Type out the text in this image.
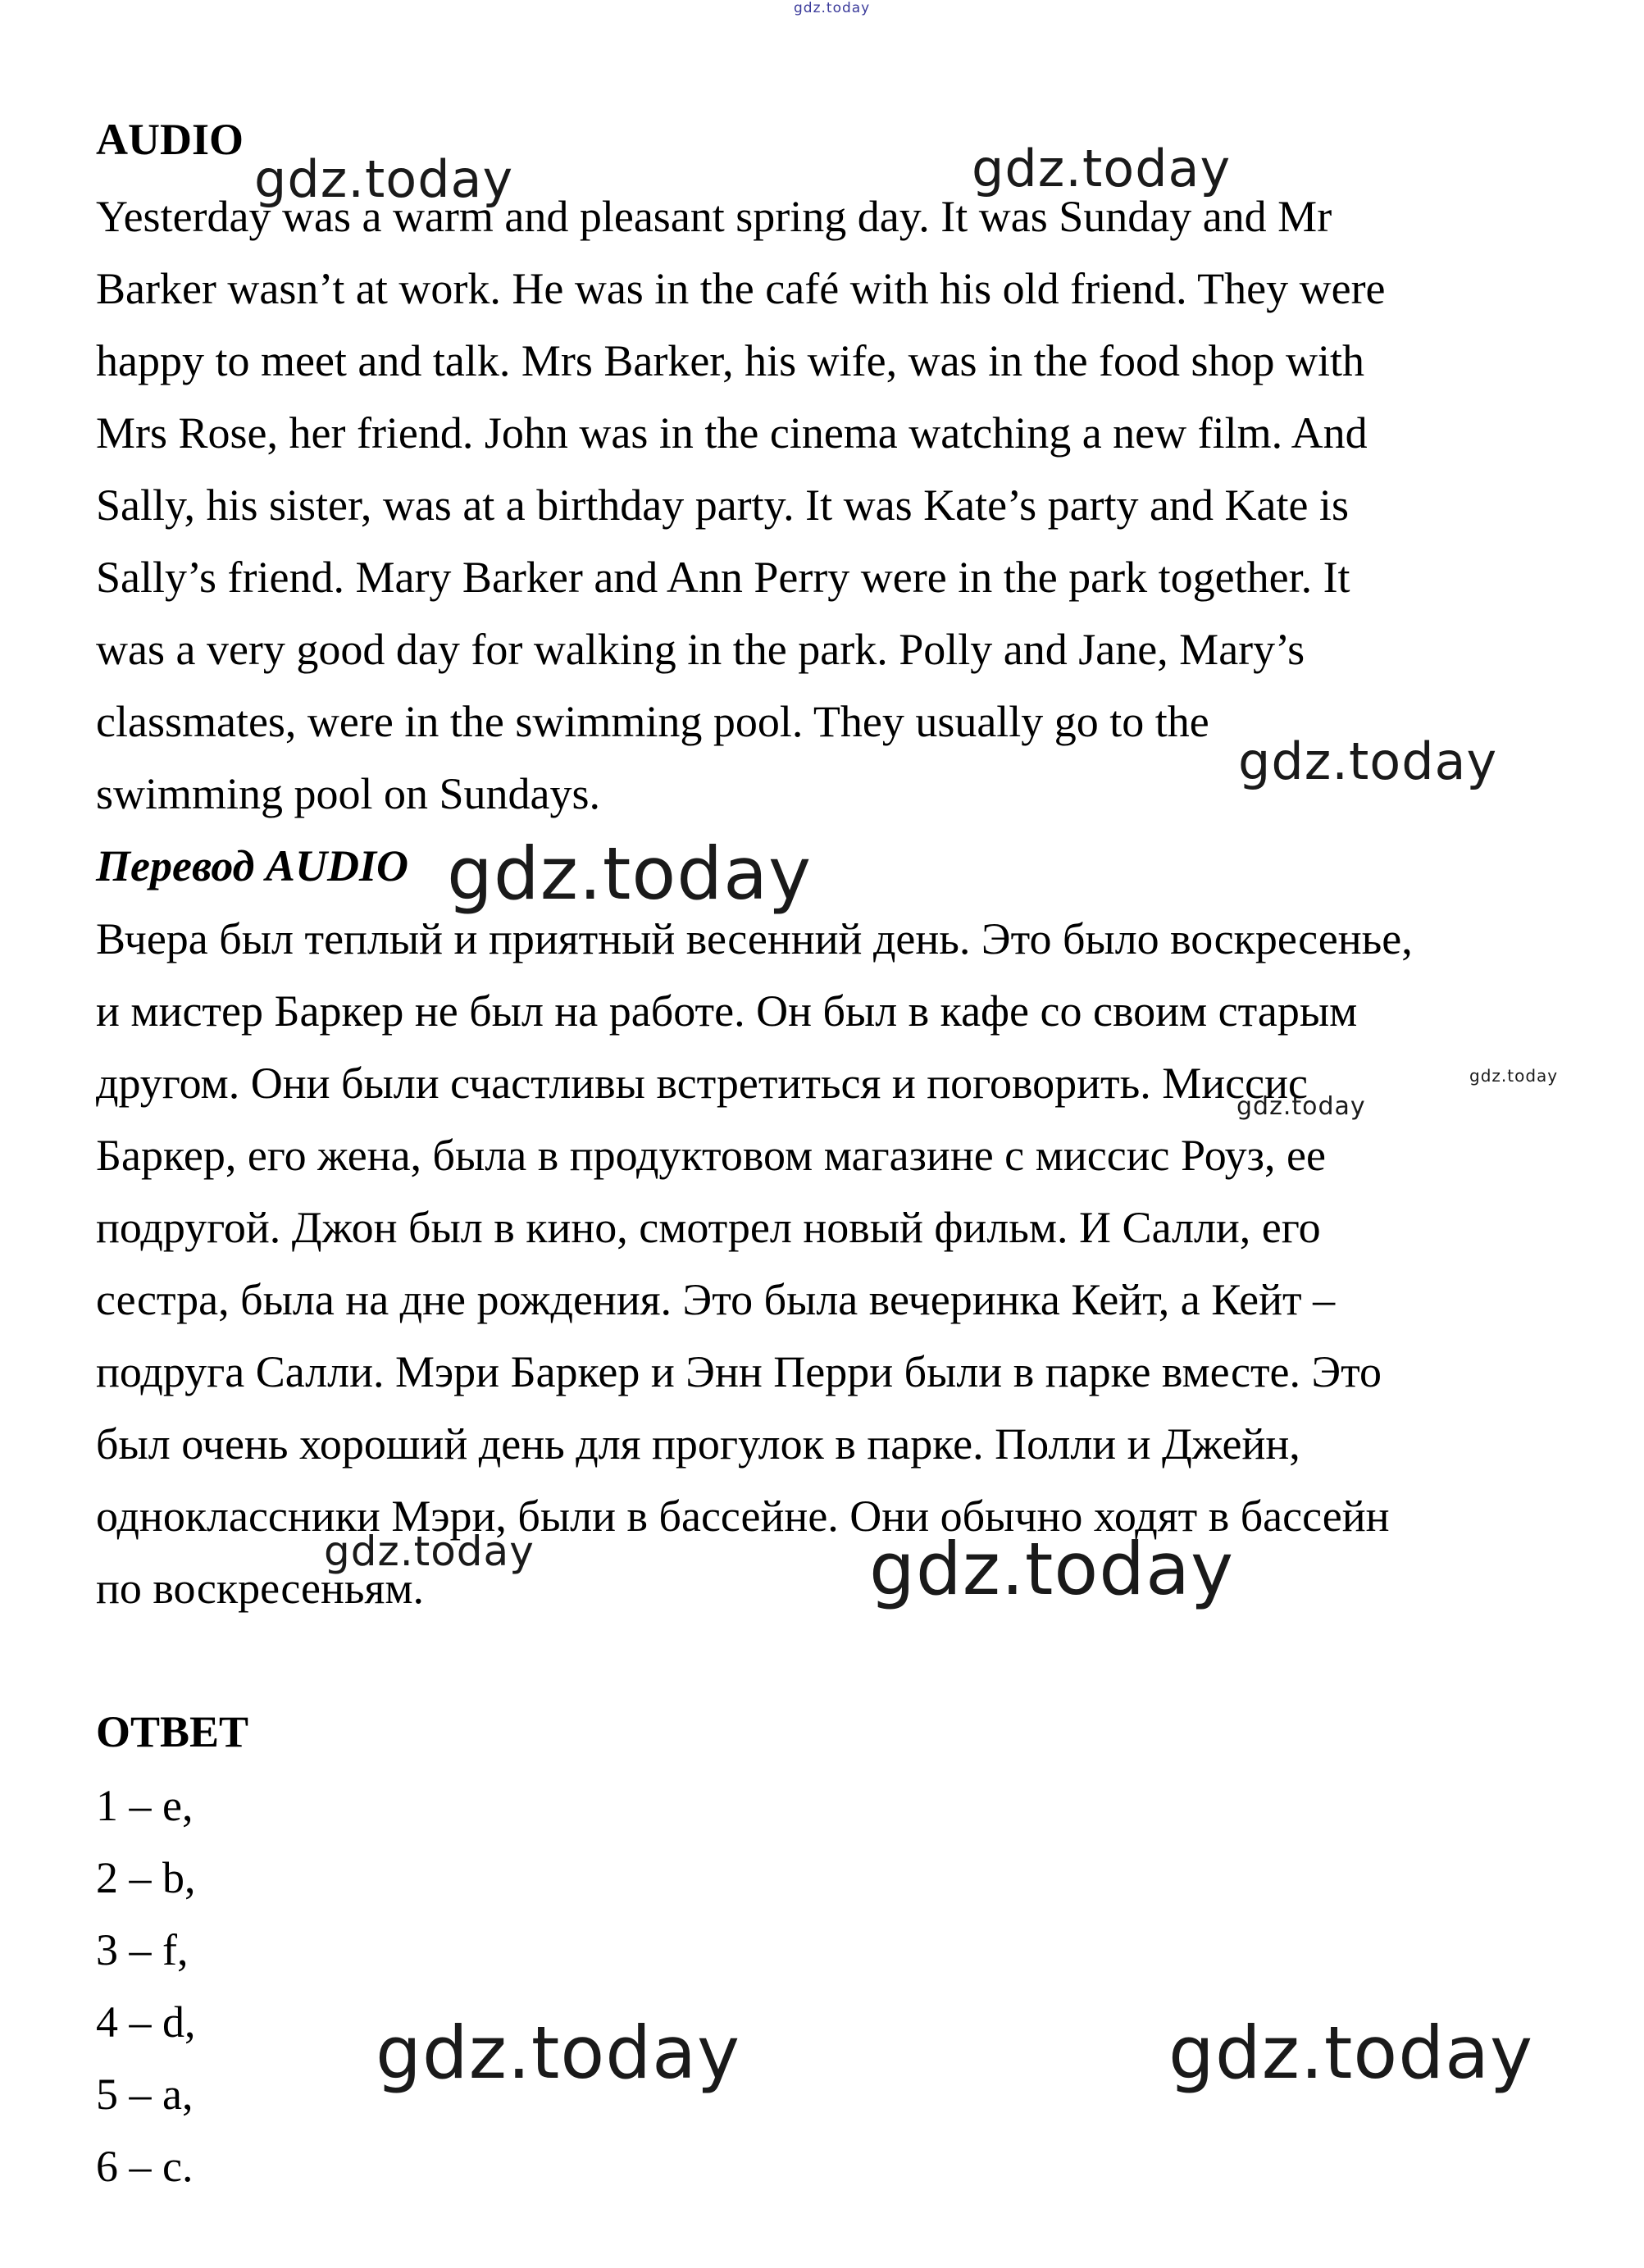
AUDIO
Yesterday was a warm and pleasant spring day. It was Sunday and Mr
Barker wasn’t at work. He was in the café with his old friend. They were
happy to meet and talk. Mrs Barker, his wife, was in the food shop with
Mrs Rose, her friend. John was in the cinema watching a new film. And
Sally, his sister, was at a birthday party. It was Kate’s party and Kate is
Sally’s friend. Mary Barker and Ann Perry were in the park together. It
was a very good day for walking in the park. Polly and Jane, Mary’s
classmates, were in the swimming pool. They usually go to the
swimming pool on Sundays.
Перевод AUDIO
Вчера был теплый и приятный весенний день. Это было воскресенье,
и мистер Баркер не был на работе. Он был в кафе со своим старым
другом. Они были счастливы встретиться и поговорить. Миссис
Баркер, его жена, была в продуктовом магазине с миссис Роуз, ее
подругой. Джон был в кино, смотрел новый фильм. И Салли, его
сестра, была на дне рождения. Это была вечеринка Кейт, а Кейт –
подруга Салли. Мэри Баркер и Энн Перри были в парке вместе. Это
был очень хороший день для прогулок в парке. Полли и Джейн,
одноклассники Мэри, были в бассейне. Они обычно ходят в бассейн
по воскресеньям.
ОТВЕТ
1 – e,
2 – b,
3 – f,
4 – d,
5 – a,
6 – c.
gdz.today
gdz.today	gdz.today
gdz.today
gdz.today
gdz.today
gdz.today
gdz.today	gdz.today
gdz.today	gdz.today
